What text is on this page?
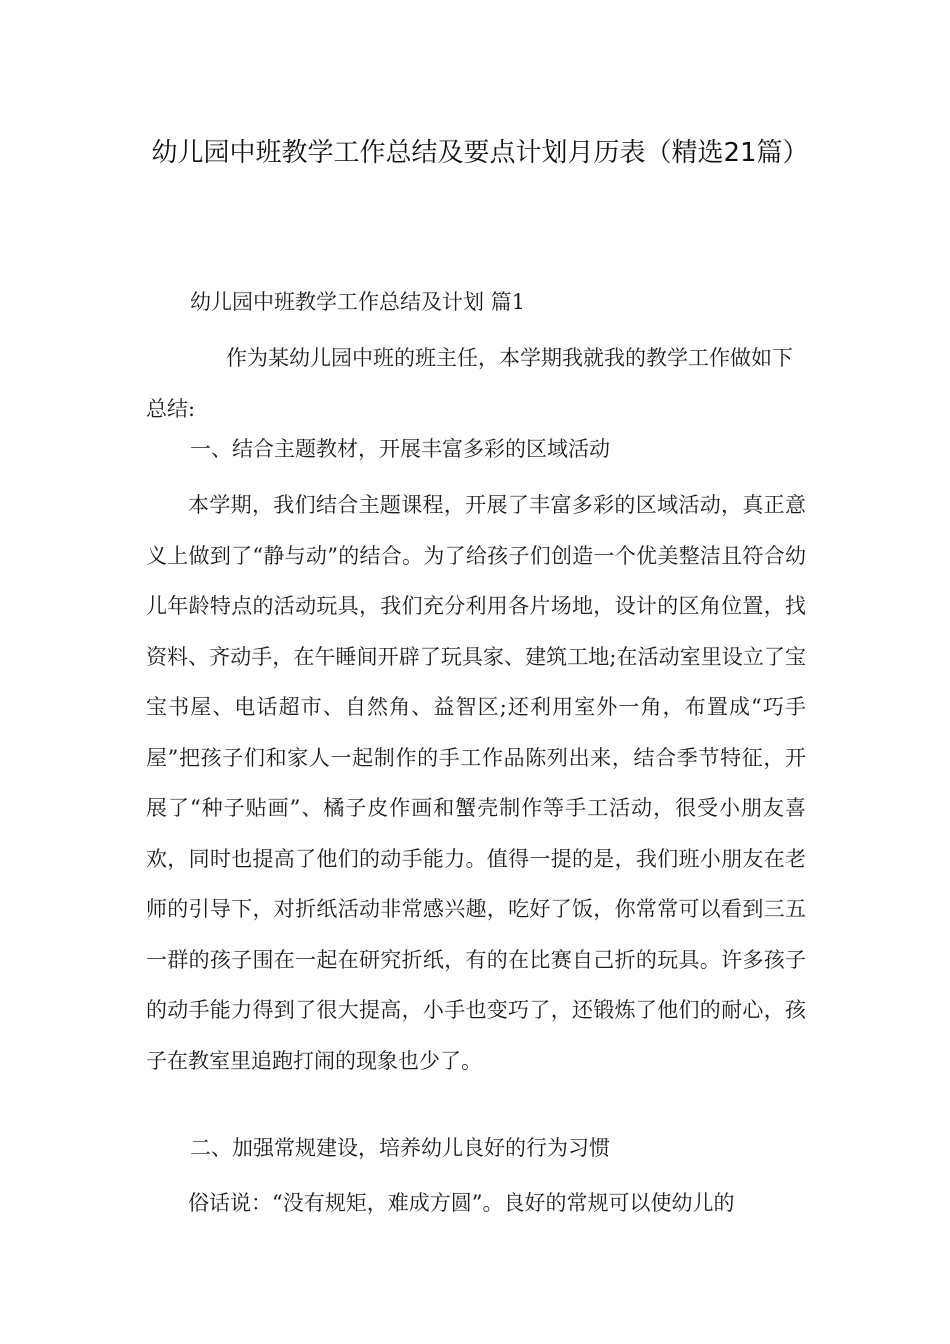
幼儿园中班教学工作总结及要点计划月历表（精选21篇）

幼儿园中班教学工作总结及计划 篇1

作为某幼儿园中班的班主任，本学期我就我的教学工作做如下总结:

一、结合主题教材，开展丰富多彩的区域活动

本学期，我们结合主题课程，开展了丰富多彩的区域活动，真正意义上做到了“静与动”的结合。为了给孩子们创造一个优美整洁且符合幼儿年龄特点的活动玩具，我们充分利用各片场地，设计的区角位置，找资料、齐动手，在午睡间开辟了玩具家、建筑工地;在活动室里设立了宝宝书屋、电话超市、自然角、益智区;还利用室外一角，布置成“巧手屋”把孩子们和家人一起制作的手工作品陈列出来，结合季节特征，开展了“种子贴画”、橘子皮作画和蟹壳制作等手工活动，很受小朋友喜欢，同时也提高了他们的动手能力。值得一提的是，我们班小朋友在老师的引导下，对折纸活动非常感兴趣，吃好了饭，你常常可以看到三五一群的孩子围在一起在研究折纸，有的在比赛自己折的玩具。许多孩子的动手能力得到了很大提高，小手也变巧了，还锻炼了他们的耐心，孩子在教室里追跑打闹的现象也少了。

二、加强常规建设，培养幼儿良好的行为习惯

俗话说：“没有规矩，难成方圆”。良好的常规可以使幼儿的
